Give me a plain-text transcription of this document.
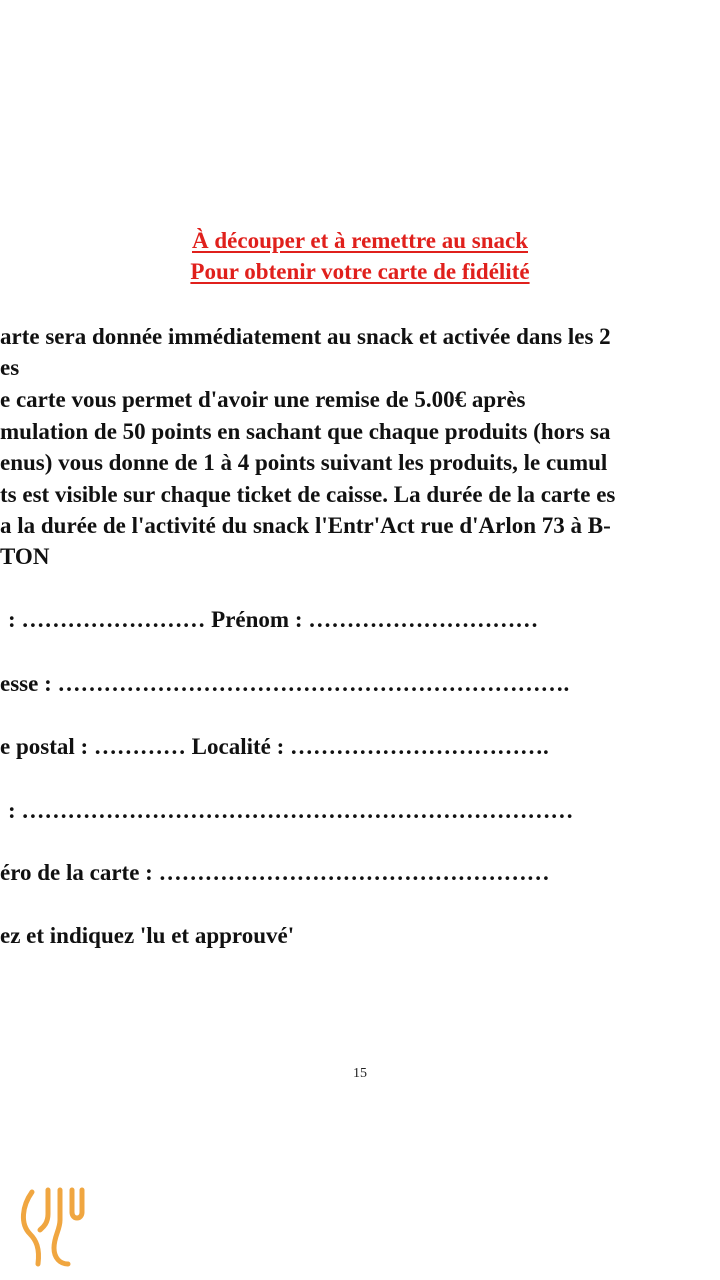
À découper et à remettre au snack
Pour obtenir votre carte de fidélité
arte sera donnée immédiatement au snack et activée dans les 2
es
e carte vous permet d'avoir une remise de 5.00€ après
mulation de 50 points en sachant que chaque produits (hors sa
enus) vous donne de 1 à 4 points suivant les produits, le cumul
ts est visible sur chaque ticket de caisse. La durée de la carte es
a la durée de l'activité du snack l'Entr'Act rue d'Arlon 73 à B-
TON
: …………………… Prénom : …………………………
esse : ………………………………………………………….
e postal : ………… Localité : …………………………….
: ………………………………………………………………
éro de la carte : ……………………………………………
ez et indiquez 'lu et approuvé'
15
